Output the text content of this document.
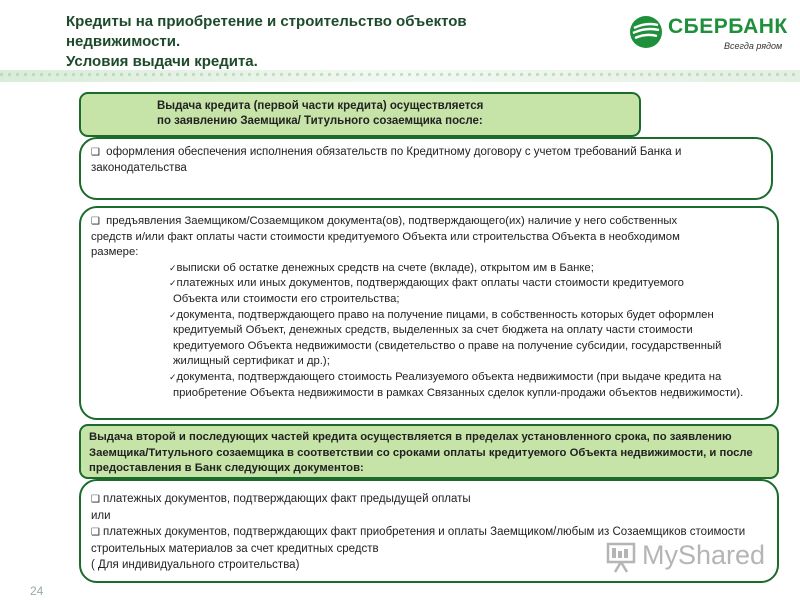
Кредиты на приобретение и строительство объектов
недвижимости.
Условия выдачи кредита.
СБЕРБАНК
Всегда рядом
Выдача кредита (первой части кредита) осуществляется
по заявлению Заемщика/ Титульного созаемщика после:
❑ оформления обеспечения исполнения обязательств по Кредитному договору с учетом требований Банка и законодательства
❑ предъявления Заемщиком/Созаемщиком документа(ов), подтверждающего(их) наличие у него собственных средств и/или факт оплаты части стоимости кредитуемого Объекта или строительства Объекта в необходимом размере:
✓выписки об остатке денежных средств на счете (вкладе), открытом им в Банке;
✓платежных или иных документов, подтверждающих факт оплаты части стоимости кредитуемого Объекта или стоимости его строительства;
✓документа, подтверждающего право на получение пицами, в собственность которых будет оформлен кредитуемый Объект, денежных средств, выделенных за счет бюджета на оплату части стоимости кредитуемого Объекта недвижимости (свидетельство о праве на получение субсидии, государственный жилищный сертификат и др.);
✓документа, подтверждающего стоимость Реализуемого объекта недвижимости (при выдаче кредита на приобретение Объекта недвижимости в рамках Связанных сделок купли-продажи объектов недвижимости).
Выдача второй и последующих частей кредита осуществляется в пределах установленного срока, по заявлению Заемщика/Титульного созаемщика в соответствии со сроками оплаты кредитуемого Объекта недвижимости, и после предоставления в Банк следующих документов:
❑ платежных документов, подтверждающих факт предыдущей оплаты
или
❑ платежных документов, подтверждающих факт приобретения и оплаты Заемщиком/любым из Созаемщиков стоимости строительных материалов за счет кредитных средств
( Для индивидуального строительства)
24
MyShared
